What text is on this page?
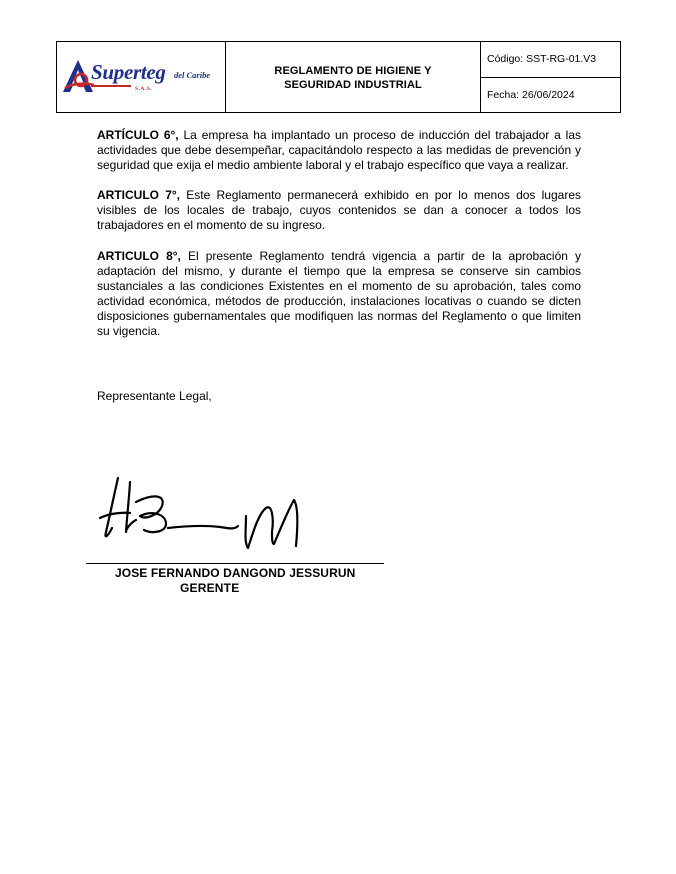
Superteg del Caribe
S.A.S.
REGLAMENTO DE HIGIENE Y
SEGURIDAD INDUSTRIAL
Código: SST-RG-01.V3
Fecha: 26/06/2024

ARTÍCULO 6°, La empresa ha implantado un proceso de inducción del trabajador a las actividades que debe desempeñar, capacitándolo respecto a las medidas de prevención y seguridad que exija el medio ambiente laboral y el trabajo específico que vaya a realizar.

ARTICULO 7°, Este Reglamento permanecerá exhibido en por lo menos dos lugares visibles de los locales de trabajo, cuyos contenidos se dan a conocer a todos los trabajadores en el momento de su ingreso.

ARTICULO 8°, El presente Reglamento tendrá vigencia a partir de la aprobación y adaptación del mismo, y durante el tiempo que la empresa se conserve sin cambios sustanciales a las condiciones Existentes en el momento de su aprobación, tales como actividad económica, métodos de producción, instalaciones locativas o cuando se dicten disposiciones gubernamentales que modifiquen las normas del Reglamento o que limiten su vigencia.

Representante Legal,
JOSE FERNANDO DANGOND JESSURUN
GERENTE
